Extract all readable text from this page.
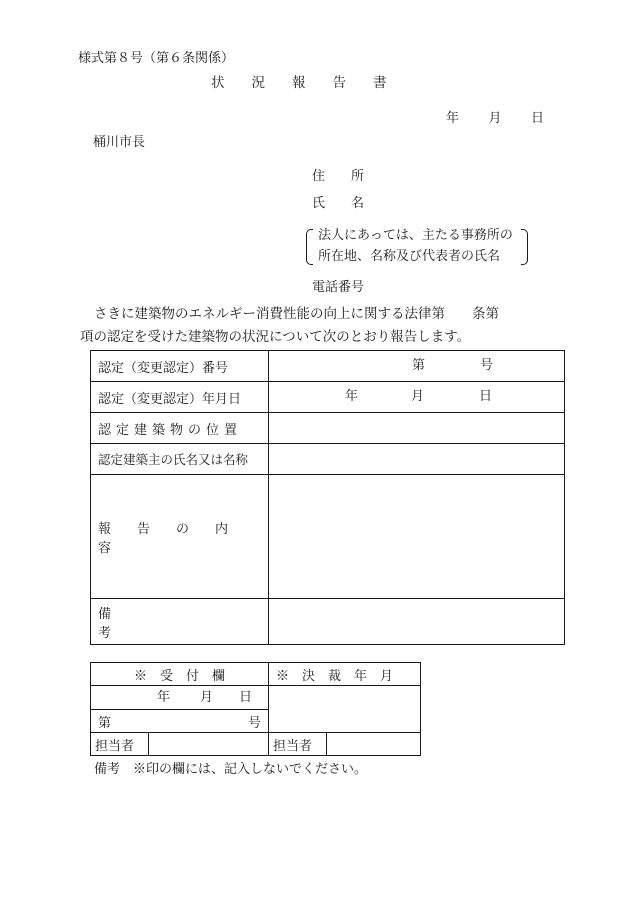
様式第８号（第６条関係）
状　　況　　報　　告　　書
年 月 日
桶川市長
住　　所
氏　　名
法人にあっては、主たる事務所の
所在地、名称及び代表者の氏名
電話番号
さきに建築物のエネルギー消費性能の向上に関する法律第　　条第
項の認定を受けた建築物の状況について次のとおり報告します。
認定（変更認定）番号	第 号

認定（変更認定）年月日	年 月 日

認定建築物の位置	
認定建築主の氏名又は名称	
報告の内容	
備考	
※　受　付　欄		※　決　裁　年　月	

年 月 日			

第 号			

担当者		担当者	
備考　※印の欄には、記入しないでください。
